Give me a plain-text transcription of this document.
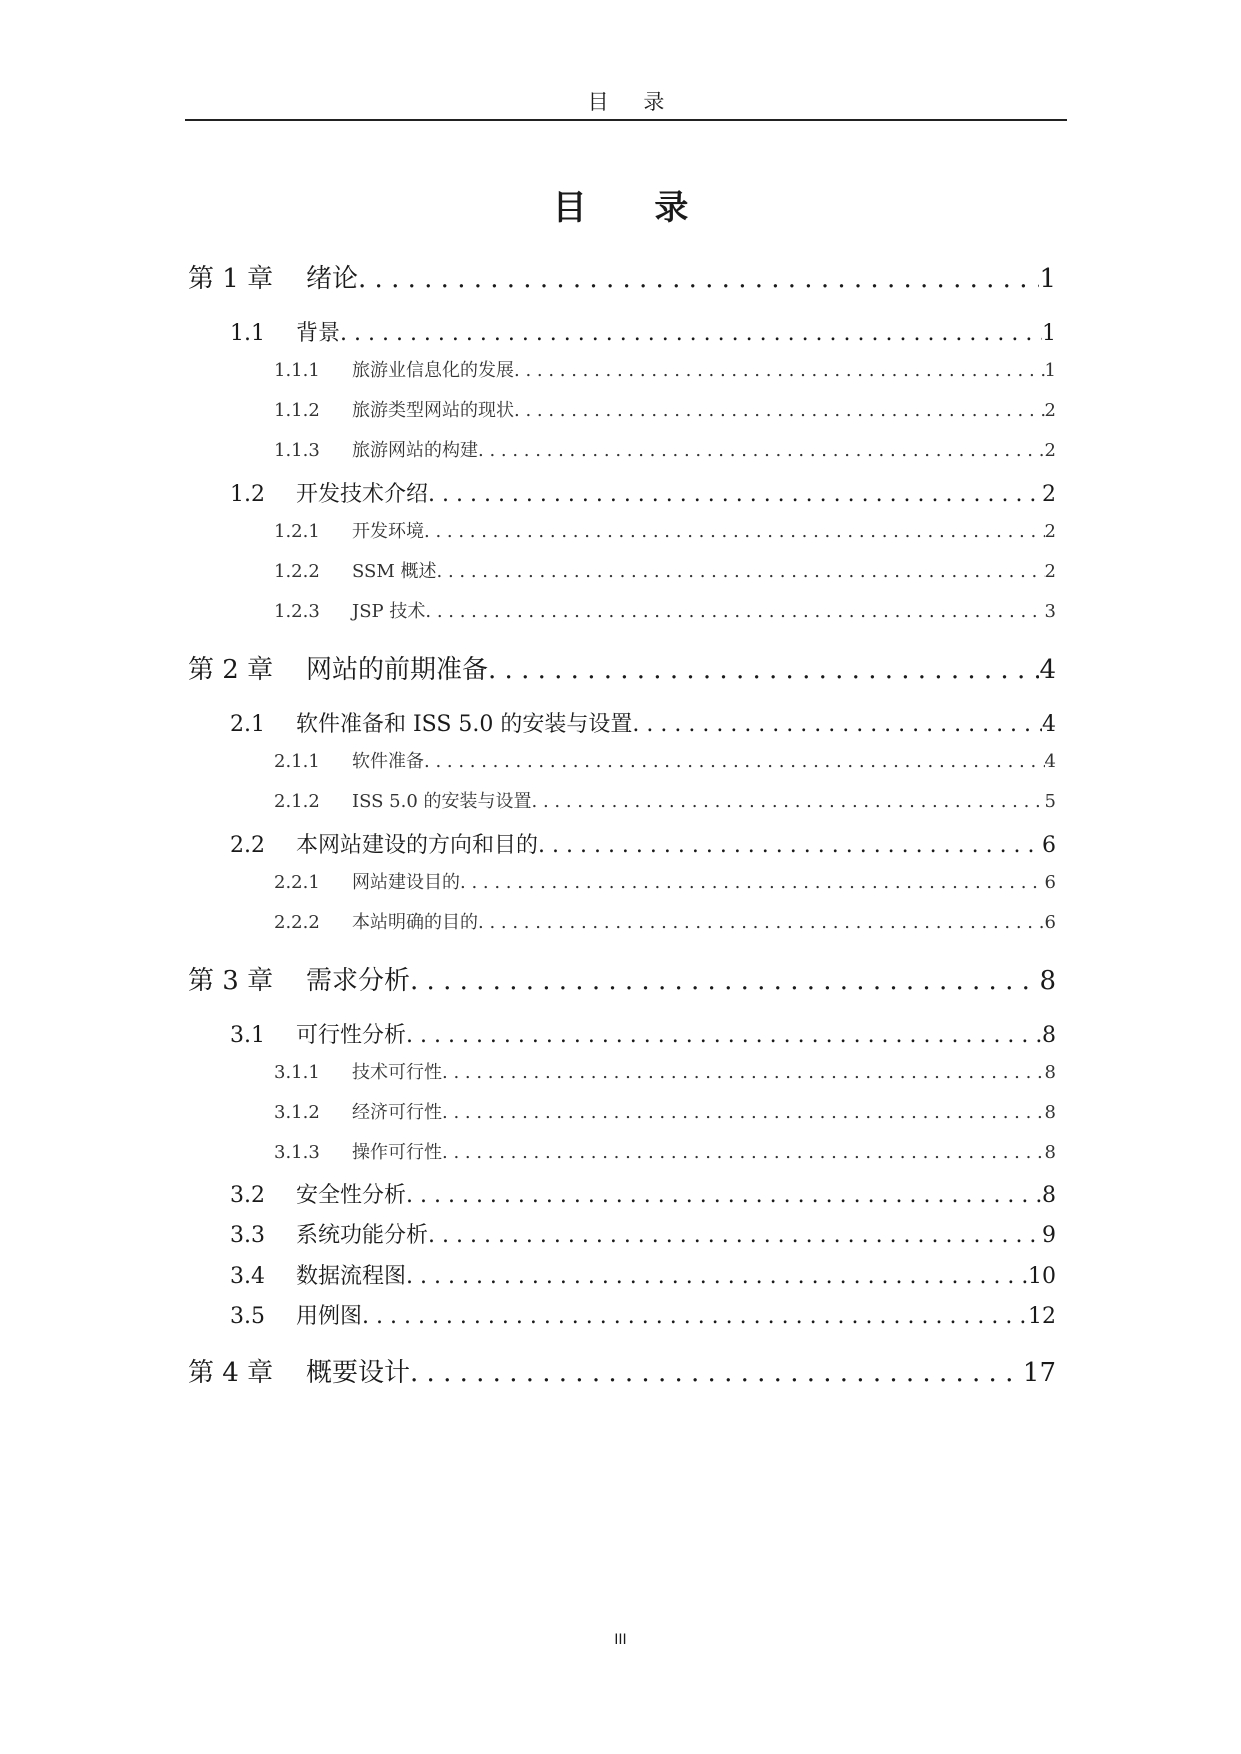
目 录
目 录
第 1 章	绪论 . . .	1
1.1	背景 . . .	1
1.1.1	旅游业信息化的发展 . . .	1
1.1.2	旅游类型网站的现状 . . .	2
1.1.3	旅游网站的构建 . . .	2
1.2	开发技术介绍 . . .	2
1.2.1	开发环境 . . .	2
1.2.2	SSM 概述 . . .	2
1.2.3	JSP 技术 . . .	3
第 2 章	网站的前期准备 . . .	4
2.1	软件准备和 ISS 5.0 的安装与设置 . . .	4
2.1.1	软件准备 . . .	4
2.1.2	ISS 5.0 的安装与设置 . . .	5
2.2	本网站建设的方向和目的 . . .	6
2.2.1	网站建设目的 . . .	6
2.2.2	本站明确的目的 . . .	6
第 3 章	需求分析 . . .	8
3.1	可行性分析 . . .	8
3.1.1	技术可行性 . . .	8
3.1.2	经济可行性 . . .	8
3.1.3	操作可行性 . . .	8
3.2	安全性分析 . . .	8
3.3	系统功能分析 . . .	9
3.4	数据流程图 . . .	10
3.5	用例图 . . .	12
第 4 章	概要设计 . . .	17
III
